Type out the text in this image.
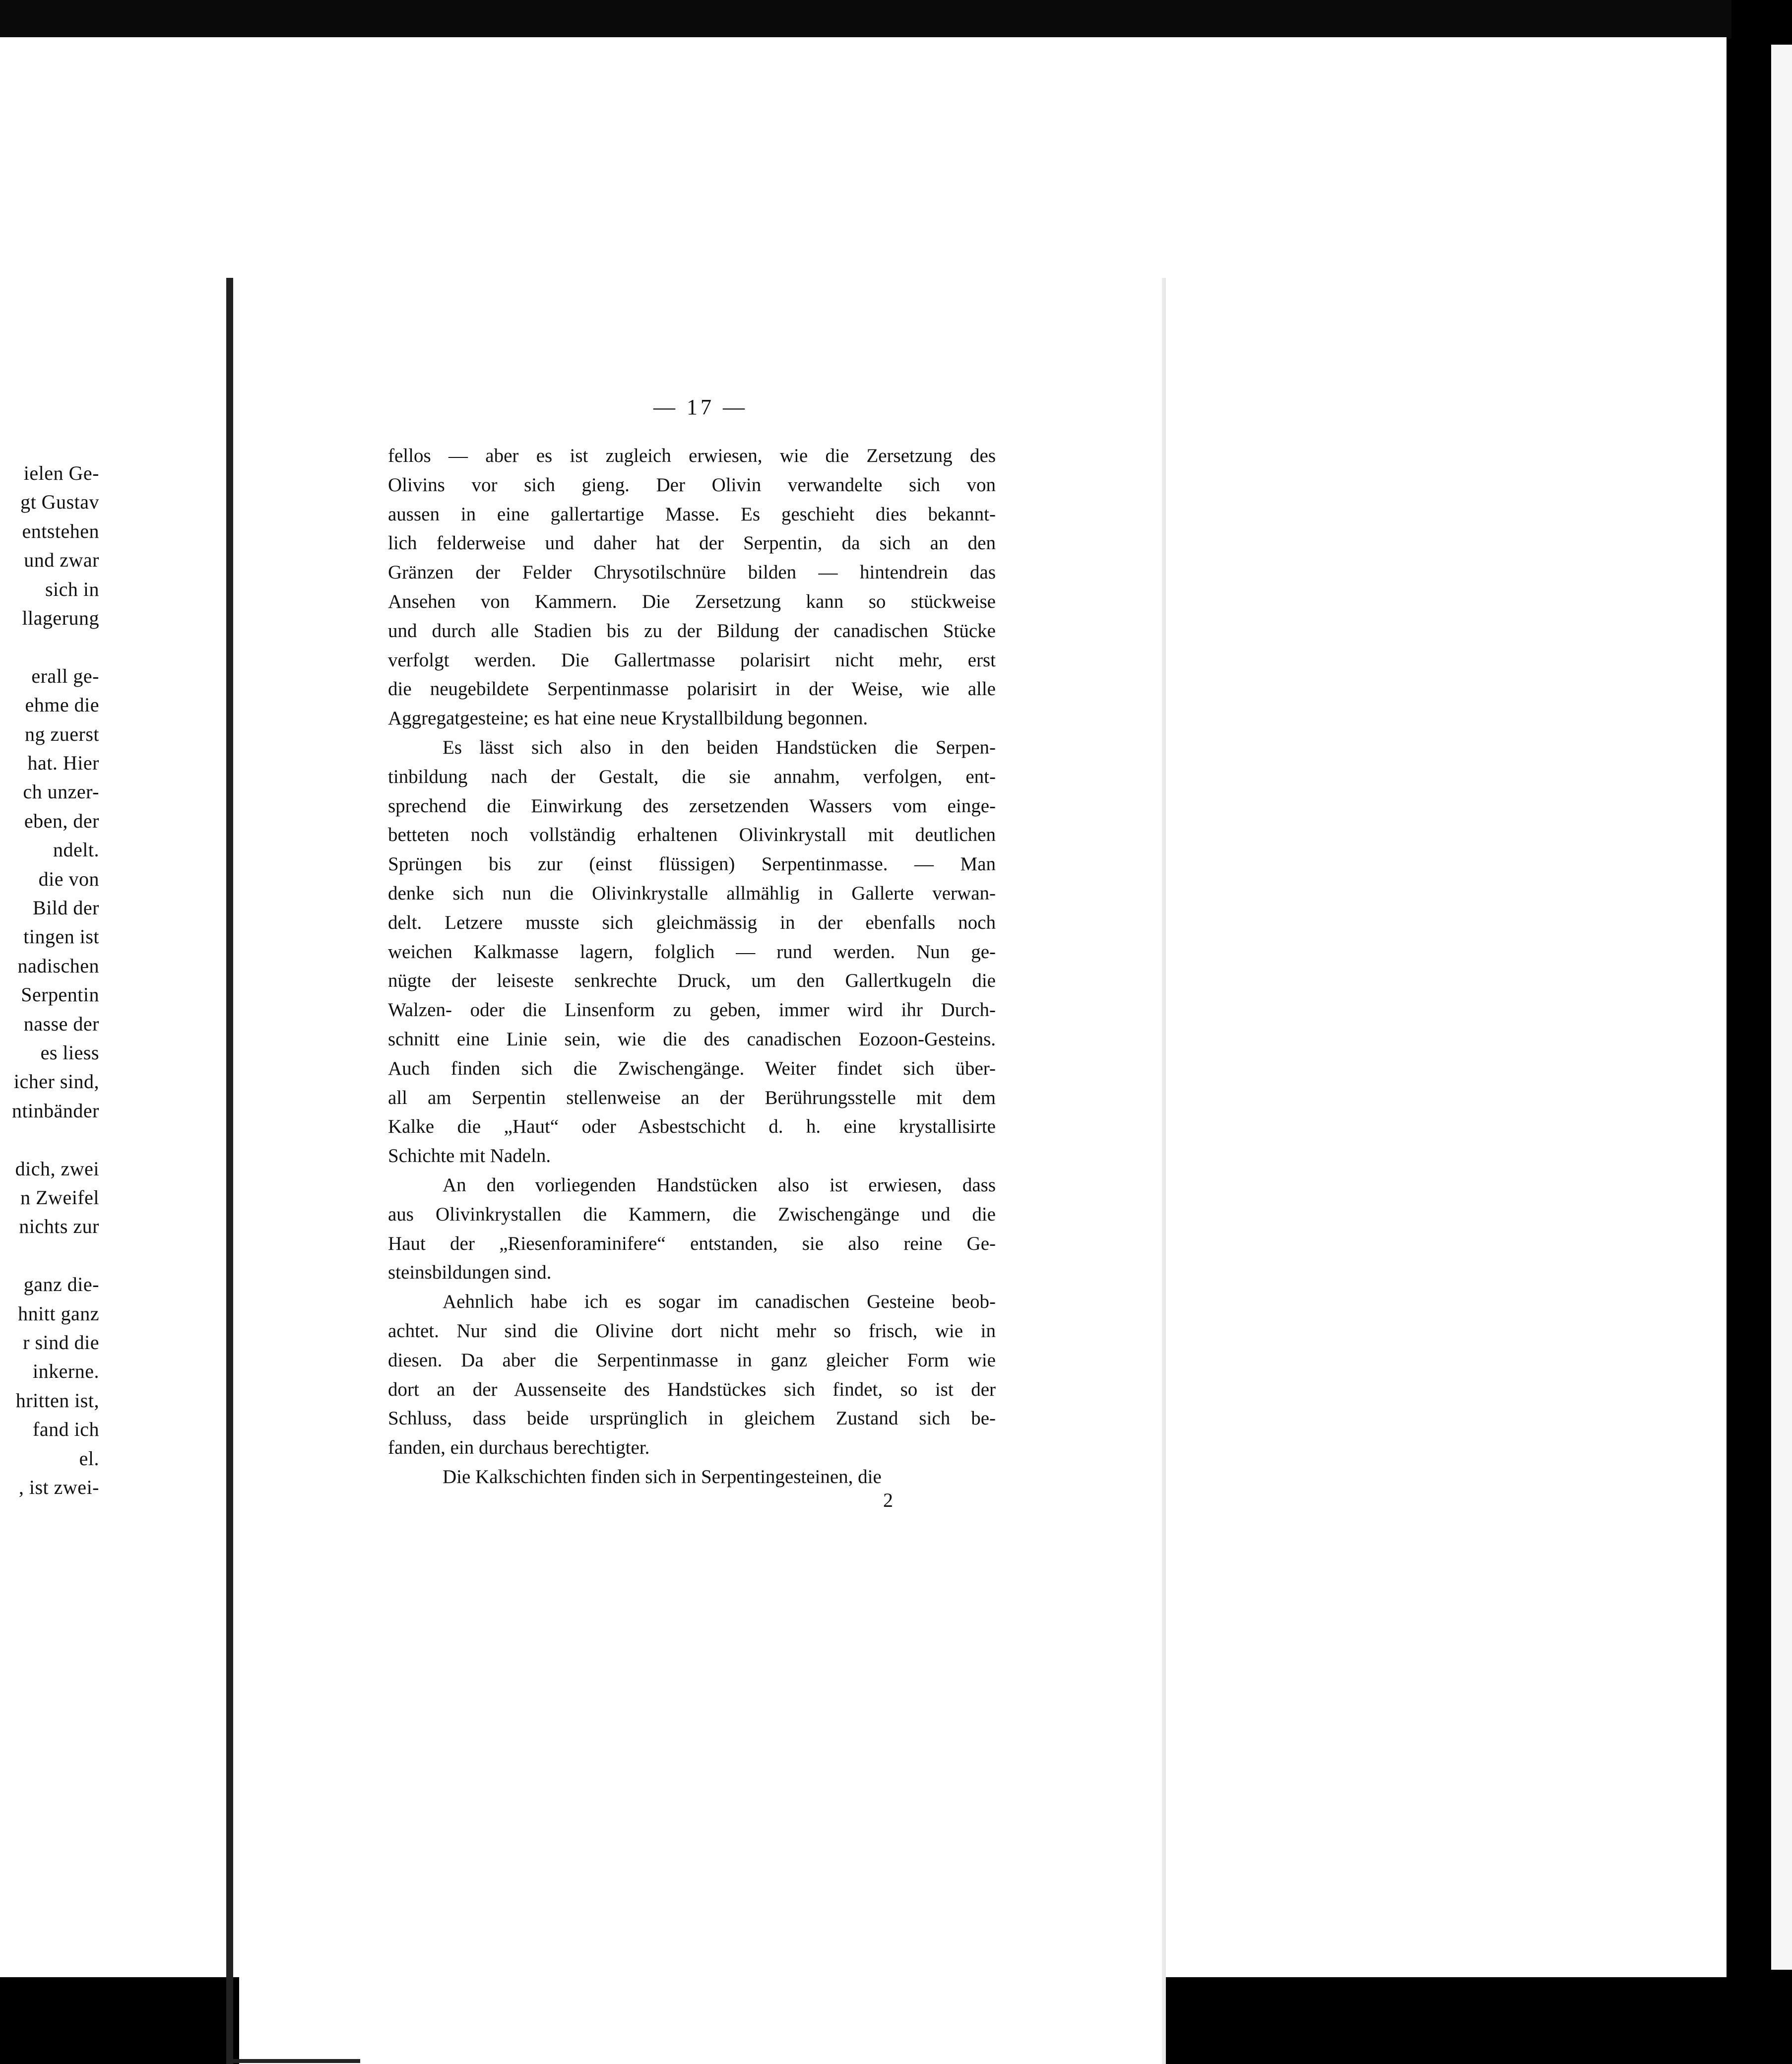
ielen Ge-
gt Gustav
entstehen
und zwar
sich in
llagerung
erall ge-
ehme die
ng zuerst
hat. Hier
ch unzer-
eben, der
ndelt.
die von
Bild der
tingen ist
nadischen
Serpentin
nasse der
es liess
icher sind,
ntinbänder
dich, zwei
n Zweifel
nichts zur
ganz die-
hnitt ganz
r sind die
inkerne.
hritten ist,
fand ich
el.
, ist zwei-
— 17 —
fellos — aber es ist zugleich erwiesen, wie die Zersetzung des
Olivins vor sich gieng. Der Olivin verwandelte sich von
aussen in eine gallertartige Masse. Es geschieht dies bekannt-
lich felderweise und daher hat der Serpentin, da sich an den
Gränzen der Felder Chrysotilschnüre bilden — hintendrein das
Ansehen von Kammern. Die Zersetzung kann so stückweise
und durch alle Stadien bis zu der Bildung der canadischen Stücke
verfolgt werden. Die Gallertmasse polarisirt nicht mehr, erst
die neugebildete Serpentinmasse polarisirt in der Weise, wie alle
Aggregatgesteine; es hat eine neue Krystallbildung begonnen.
Es lässt sich also in den beiden Handstücken die Serpen-
tinbildung nach der Gestalt, die sie annahm, verfolgen, ent-
sprechend die Einwirkung des zersetzenden Wassers vom einge-
betteten noch vollständig erhaltenen Olivinkrystall mit deutlichen
Sprüngen bis zur (einst flüssigen) Serpentinmasse. — Man
denke sich nun die Olivinkrystalle allmählig in Gallerte verwan-
delt. Letzere musste sich gleichmässig in der ebenfalls noch
weichen Kalkmasse lagern, folglich — rund werden. Nun ge-
nügte der leiseste senkrechte Druck, um den Gallertkugeln die
Walzen- oder die Linsenform zu geben, immer wird ihr Durch-
schnitt eine Linie sein, wie die des canadischen Eozoon-Gesteins.
Auch finden sich die Zwischengänge. Weiter findet sich über-
all am Serpentin stellenweise an der Berührungsstelle mit dem
Kalke die „Haut“ oder Asbestschicht d. h. eine krystallisirte
Schichte mit Nadeln.
An den vorliegenden Handstücken also ist erwiesen, dass
aus Olivinkrystallen die Kammern, die Zwischengänge und die
Haut der „Riesenforaminifere“ entstanden, sie also reine Ge-
steinsbildungen sind.
Aehnlich habe ich es sogar im canadischen Gesteine beob-
achtet. Nur sind die Olivine dort nicht mehr so frisch, wie in
diesen. Da aber die Serpentinmasse in ganz gleicher Form wie
dort an der Aussenseite des Handstückes sich findet, so ist der
Schluss, dass beide ursprünglich in gleichem Zustand sich be-
fanden, ein durchaus berechtigter.
Die Kalkschichten finden sich in Serpentingesteinen, die
2
